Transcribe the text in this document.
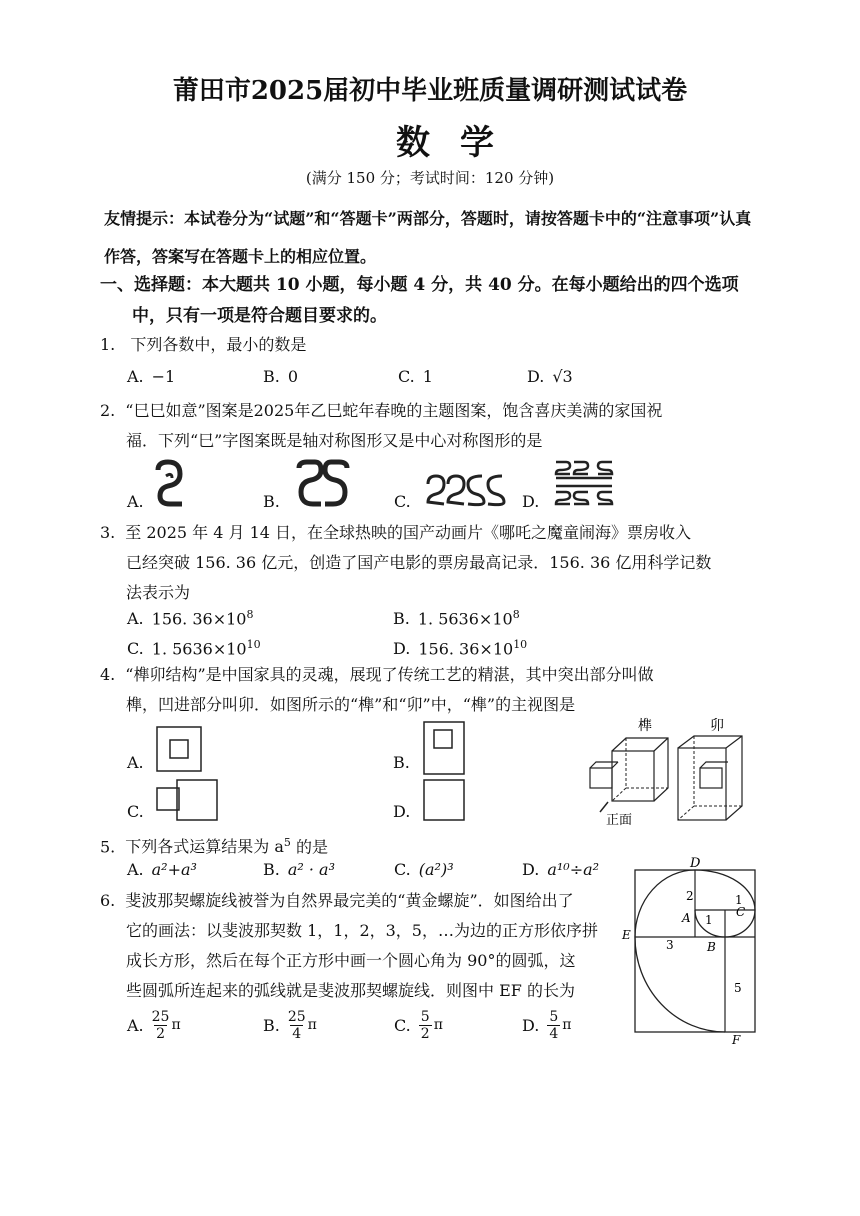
莆田市2025届初中毕业班质量调研测试试卷
数学
(满分 150 分；考试时间：120 分钟)
友情提示：本试卷分为“试题”和“答题卡”两部分，答题时，请按答题卡中的“注意事项”认真作答，答案写在答题卡上的相应位置。
一、选择题：本大题共 10 小题，每小题 4 分，共 40 分。在每小题给出的四个选项
中，只有一项是符合题目要求的。
1. 下列各数中，最小的数是
A. −1	B. 0	C. 1	D. √3
2. “巳巳如意”图案是2025年乙巳蛇年春晚的主题图案，饱含喜庆美满的家国祝
福．下列“巳”字图案既是轴对称图形又是中心对称图形的是
A.	B.	C.	D.
3. 至 2025 年 4 月 14 日，在全球热映的国产动画片《哪吒之魔童闹海》票房收入
已经突破 156. 36 亿元，创造了国产电影的票房最高记录．156. 36 亿用科学记数
法表示为
A. 156. $36\times 10^8$	B. 1. $5636\times 10^8$
C. 1. $5636\times 10^{10}$	D. 156. $36\times 10^{10}$
4. “榫卯结构”是中国家具的灵魂，展现了传统工艺的精湛，其中突出部分叫做
榫，凹进部分叫卯．如图所示的“榫”和“卯”中，“榫”的主视图是
A.	B.
C.	D.
榫	卯
正面
5. 下列各式运算结果为 $a^5$ 的是
A. a²+a³	B. a² · a³	C. (a²)³	D. a¹⁰÷a²
6. 斐波那契螺旋线被誉为自然界最完美的“黄金螺旋”．如图给出了
它的画法：以斐波那契数 1，1，2，3，5，…为边的正方形依序拼
成长方形，然后在每个正方形中画一个圆心角为 90°的圆弧，这
些圆弧所连起来的弧线就是斐波那契螺旋线．则图中 EF 的长为
A. $\frac{25}{2}$ π	B. $\frac{25}{4}$ π	C. $\frac{5}{2}$ π	D. $\frac{5}{4}$ π
D
A
B
C
E
F
2
1
1
3
5
